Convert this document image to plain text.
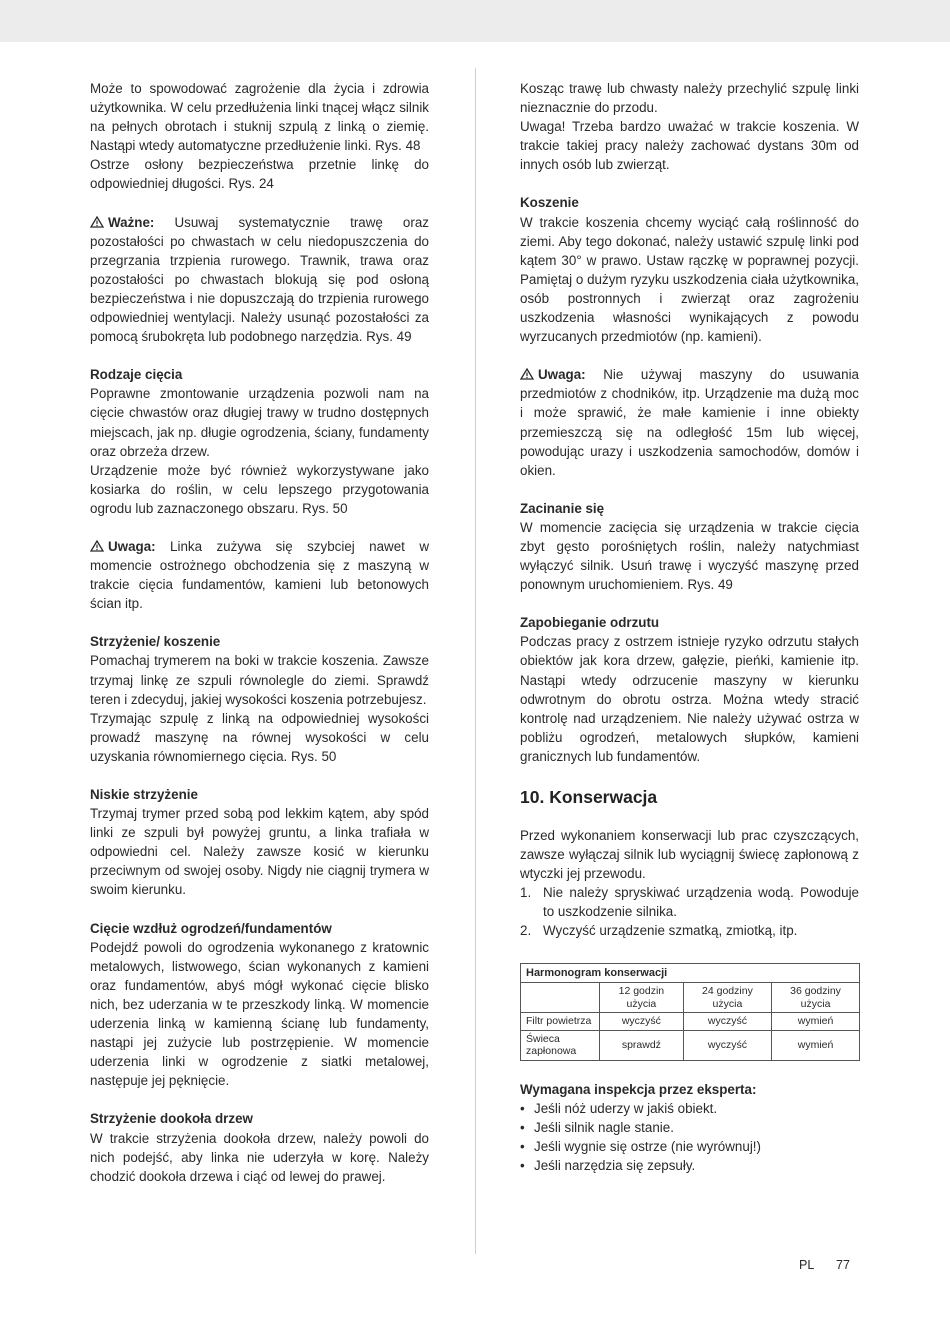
Może to spowodować zagrożenie dla życia i zdrowia użytkownika. W celu przedłużenia linki tnącej włącz silnik na pełnych obrotach i stuknij szpulą z linką o ziemię. Nastąpi wtedy automatyczne przedłużenie linki. Rys. 48

Ostrze osłony bezpieczeństwa przetnie linkę do odpowiedniej długości. Rys. 24

Ważne: Usuwaj systematycznie trawę oraz pozostałości po chwastach w celu niedopuszczenia do przegrzania trzpienia rurowego. Trawnik, trawa oraz pozostałości po chwastach blokują się pod osłoną bezpieczeństwa i nie dopuszczają do trzpienia rurowego odpowiedniej wentylacji. Należy usunąć pozostałości za pomocą śrubokręta lub podobnego narzędzia. Rys. 49

Rodzaje cięcia

Poprawne zmontowanie urządzenia pozwoli nam na cięcie chwastów oraz długiej trawy w trudno dostępnych miejscach, jak np. długie ogrodzenia, ściany, fundamenty oraz obrzeża drzew.

Urządzenie może być również wykorzystywane jako kosiarka do roślin, w celu lepszego przygotowania ogrodu lub zaznaczonego obszaru. Rys. 50

Uwaga: Linka zużywa się szybciej nawet w momencie ostrożnego obchodzenia się z maszyną w trakcie cięcia fundamentów, kamieni lub betonowych ścian itp.

Strzyżenie/ koszenie

Pomachaj trymerem na boki w trakcie koszenia. Zawsze trzymaj linkę ze szpuli równolegle do ziemi. Sprawdź teren i zdecyduj, jakiej wysokości koszenia potrzebujesz.

Trzymając szpulę z linką na odpowiedniej wysokości prowadź maszynę na równej wysokości w celu uzyskania równomiernego cięcia. Rys. 50

Niskie strzyżenie

Trzymaj trymer przed sobą pod lekkim kątem, aby spód linki ze szpuli był powyżej gruntu, a linka trafiała w odpowiedni cel. Należy zawsze kosić w kierunku przeciwnym od swojej osoby. Nigdy nie ciągnij trymera w swoim kierunku.

Cięcie wzdłuż ogrodzeń/fundamentów

Podejdź powoli do ogrodzenia wykonanego z kratownic metalowych, listwowego, ścian wykonanych z kamieni oraz fundamentów, abyś mógł wykonać cięcie blisko nich, bez uderzania w te przeszkody linką. W momencie uderzenia linką w kamienną ścianę lub fundamenty, nastąpi jej zużycie lub postrzępienie. W momencie uderzenia linki w ogrodzenie z siatki metalowej, następuje jej pęknięcie.

Strzyżenie dookoła drzew

W trakcie strzyżenia dookoła drzew, należy powoli do nich podejść, aby linka nie uderzyła w korę. Należy chodzić dookoła drzewa i ciąć od lewej do prawej.

Kosząc trawę lub chwasty należy przechylić szpulę linki nieznacznie do przodu.

Uwaga! Trzeba bardzo uważać w trakcie koszenia. W trakcie takiej pracy należy zachować dystans 30m od innych osób lub zwierząt.

Koszenie

W trakcie koszenia chcemy wyciąć całą roślinność do ziemi. Aby tego dokonać, należy ustawić szpulę linki pod kątem 30° w prawo. Ustaw rączkę w poprawnej pozycji. Pamiętaj o dużym ryzyku uszkodzenia ciała użytkownika, osób postronnych i zwierząt oraz zagrożeniu uszkodzenia własności wynikających z powodu wyrzucanych przedmiotów (np. kamieni).

Uwaga: Nie używaj maszyny do usuwania przedmiotów z chodników, itp. Urządzenie ma dużą moc i może sprawić, że małe kamienie i inne obiekty przemieszczą się na odległość 15m lub więcej, powodując urazy i uszkodzenia samochodów, domów i okien.

Zacinanie się

W momencie zacięcia się urządzenia w trakcie cięcia zbyt gęsto porośniętych roślin, należy natychmiast wyłączyć silnik. Usuń trawę i wyczyść maszynę przed ponownym uruchomieniem. Rys. 49

Zapobieganie odrzutu

Podczas pracy z ostrzem istnieje ryzyko odrzutu stałych obiektów jak kora drzew, gałęzie, pieńki, kamienie itp. Nastąpi wtedy odrzucenie maszyny w kierunku odwrotnym do obrotu ostrza. Można wtedy stracić kontrolę nad urządzeniem. Nie należy używać ostrza w pobliżu ogrodzeń, metalowych słupków, kamieni granicznych lub fundamentów.

10. Konserwacja

Przed wykonaniem konserwacji lub prac czyszczących, zawsze wyłączaj silnik lub wyciągnij świecę zapłonową z wtyczki jej przewodu.

1. Nie należy spryskiwać urządzenia wodą. Powoduje to uszkodzenie silnika.
2. Wyczyść urządzenie szmatką, zmiotką, itp.
Harmonogram konserwacji			
	12 godzin użycia	24 godziny użycia	36 godziny użycia
Filtr powietrza	wyczyść	wyczyść	wymień
Świeca zapłonowa	sprawdź	wyczyść	wymień

Wymagana inspekcja przez eksperta:

• Jeśli nóż uderzy w jakiś obiekt.
• Jeśli silnik nagle stanie.
• Jeśli wygnie się ostrze (nie wyrównuj!)
• Jeśli narzędzia się zepsuły.
PL 77
